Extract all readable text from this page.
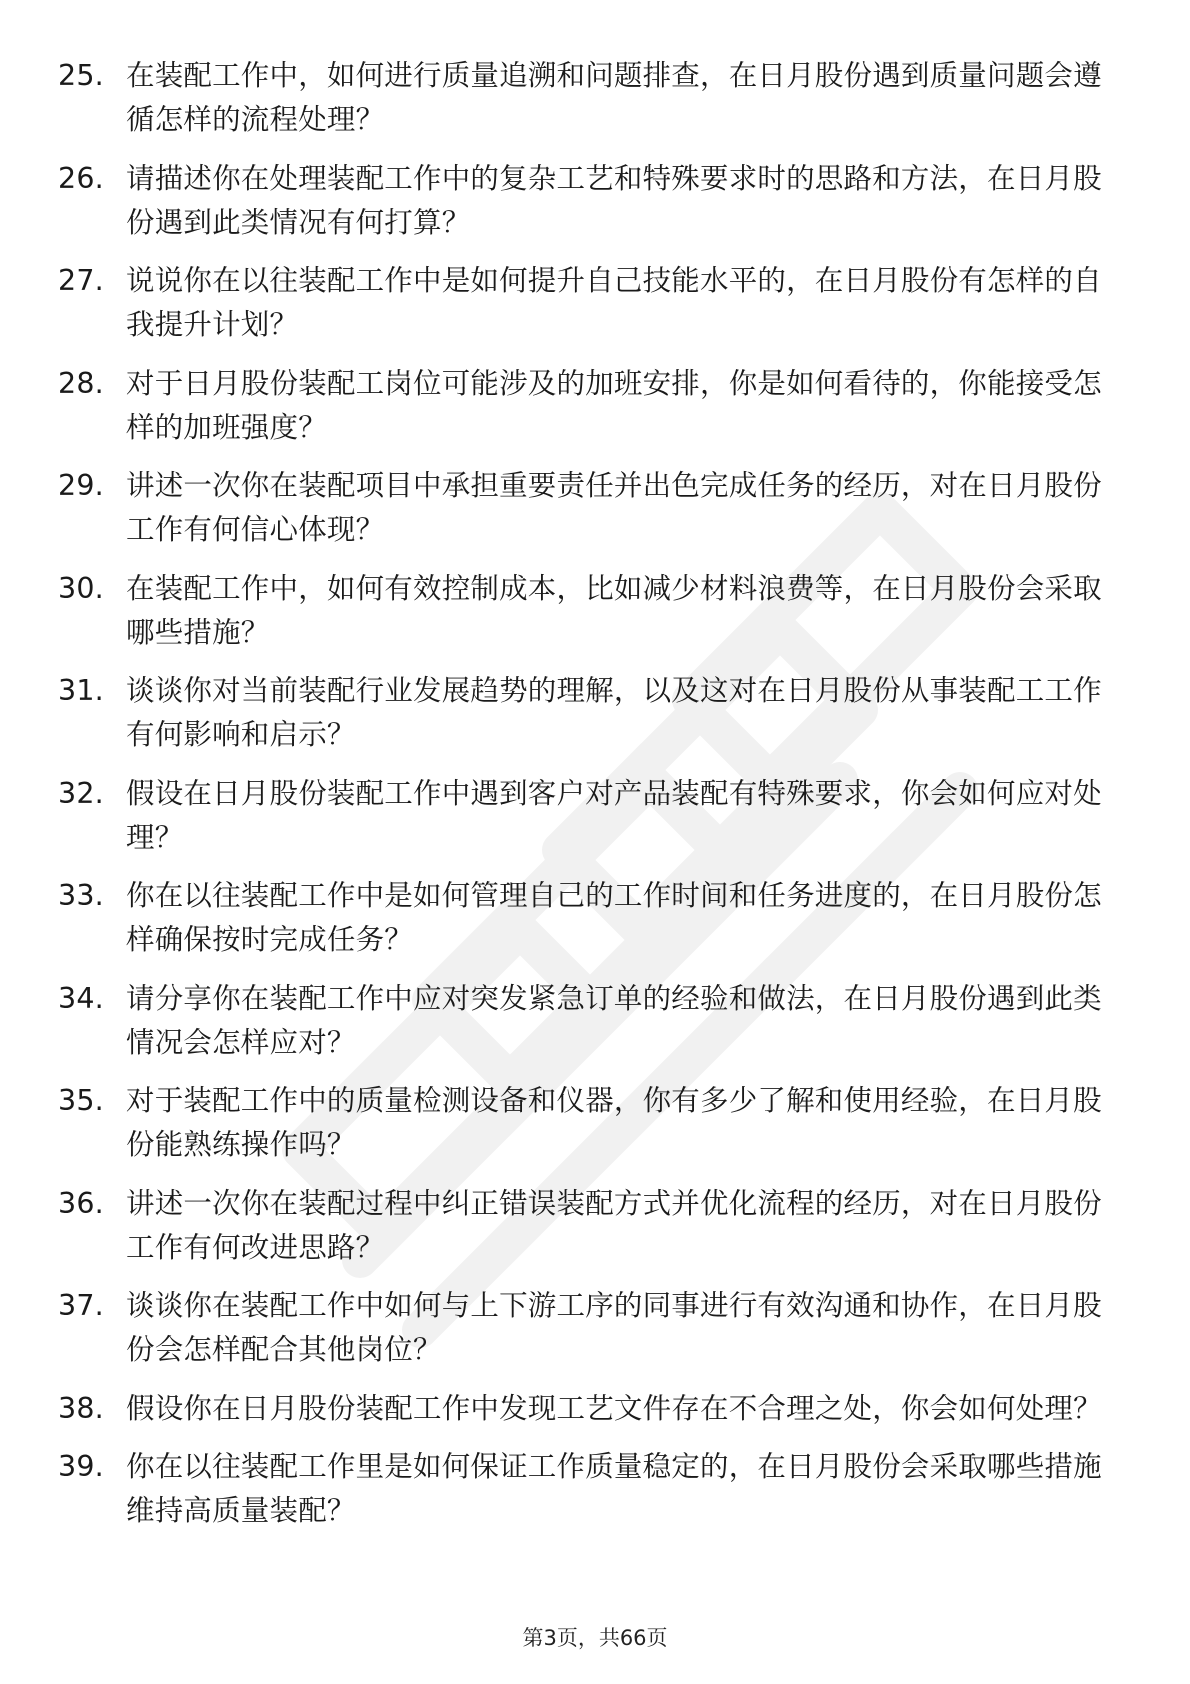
25. 在装配工作中，如何进行质量追溯和问题排查，在日月股份遇到质量问题会遵循怎样的流程处理？
26. 请描述你在处理装配工作中的复杂工艺和特殊要求时的思路和方法，在日月股份遇到此类情况有何打算？
27. 说说你在以往装配工作中是如何提升自己技能水平的，在日月股份有怎样的自我提升计划？
28. 对于日月股份装配工岗位可能涉及的加班安排，你是如何看待的，你能接受怎样的加班强度？
29. 讲述一次你在装配项目中承担重要责任并出色完成任务的经历，对在日月股份工作有何信心体现？
30. 在装配工作中，如何有效控制成本，比如减少材料浪费等，在日月股份会采取哪些措施？
31. 谈谈你对当前装配行业发展趋势的理解，以及这对在日月股份从事装配工工作有何影响和启示？
32. 假设在日月股份装配工作中遇到客户对产品装配有特殊要求，你会如何应对处理？
33. 你在以往装配工作中是如何管理自己的工作时间和任务进度的，在日月股份怎样确保按时完成任务？
34. 请分享你在装配工作中应对突发紧急订单的经验和做法，在日月股份遇到此类情况会怎样应对？
35. 对于装配工作中的质量检测设备和仪器，你有多少了解和使用经验，在日月股份能熟练操作吗？
36. 讲述一次你在装配过程中纠正错误装配方式并优化流程的经历，对在日月股份工作有何改进思路？
37. 谈谈你在装配工作中如何与上下游工序的同事进行有效沟通和协作，在日月股份会怎样配合其他岗位？
38. 假设你在日月股份装配工作中发现工艺文件存在不合理之处，你会如何处理？
39. 你在以往装配工作里是如何保证工作质量稳定的，在日月股份会采取哪些措施维持高质量装配？
第3页，共66页
